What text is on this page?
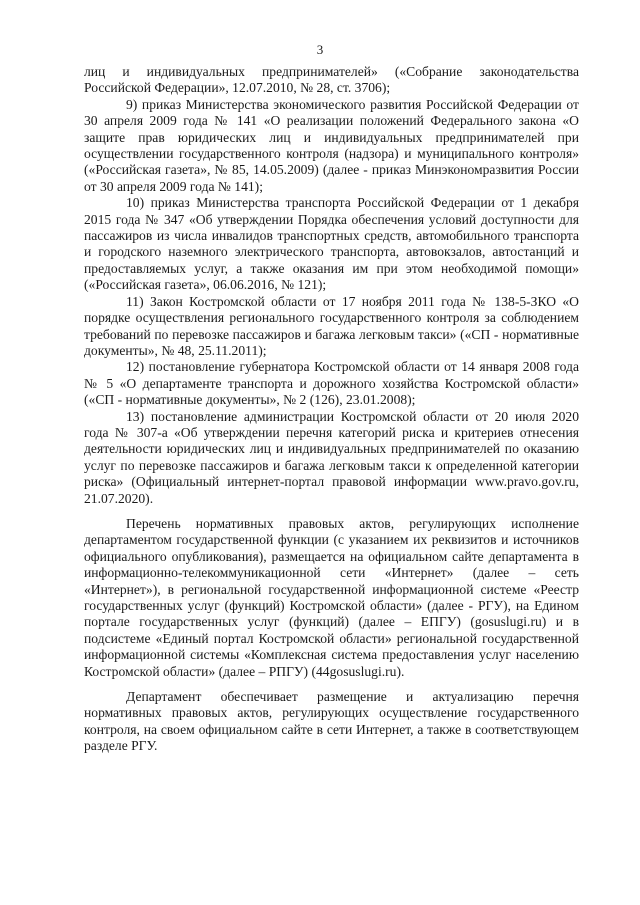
3

лиц и индивидуальных предпринимателей» («Собрание законодательства Российской Федерации», 12.07.2010, № 28, ст. 3706);

9) приказ Министерства экономического развития Российской Федерации от 30 апреля 2009 года № 141 «О реализации положений Федерального закона «О защите прав юридических лиц и индивидуальных предпринимателей при осуществлении государственного контроля (надзора) и муниципального контроля» («Российская газета», № 85, 14.05.2009) (далее - приказ Минэкономразвития России от 30 апреля 2009 года № 141);

10) приказ Министерства транспорта Российской Федерации от 1 декабря 2015 года № 347 «Об утверждении Порядка обеспечения условий доступности для пассажиров из числа инвалидов транспортных средств, автомобильного транспорта и городского наземного электрического транспорта, автовокзалов, автостанций и предоставляемых услуг, а также оказания им при этом необходимой помощи» («Российская газета», 06.06.2016, № 121);

11) Закон Костромской области от 17 ноября 2011 года № 138-5-ЗКО «О порядке осуществления регионального государственного контроля за соблюдением требований по перевозке пассажиров и багажа легковым такси» («СП - нормативные документы», № 48, 25.11.2011);

12) постановление губернатора Костромской области от 14 января 2008 года № 5 «О департаменте транспорта и дорожного хозяйства Костромской области» («СП - нормативные документы», № 2 (126), 23.01.2008);

13) постановление администрации Костромской области от 20 июля 2020 года № 307-а «Об утверждении перечня категорий риска и критериев отнесения деятельности юридических лиц и индивидуальных предпринимателей по оказанию услуг по перевозке пассажиров и багажа легковым такси к определенной категории риска» (Официальный интернет-портал правовой информации www.pravo.gov.ru, 21.07.2020).

Перечень нормативных правовых актов, регулирующих исполнение департаментом государственной функции (с указанием их реквизитов и источников официального опубликования), размещается на официальном сайте департамента в информационно-телекоммуникационной сети «Интернет» (далее – сеть «Интернет»), в региональной государственной информационной системе «Реестр государственных услуг (функций) Костромской области» (далее - РГУ), на Едином портале государственных услуг (функций) (далее – ЕПГУ) (gosuslugi.ru) и в подсистеме «Единый портал Костромской области» региональной государственной информационной системы «Комплексная система предоставления услуг населению Костромской области» (далее – РПГУ) (44gosuslugi.ru).

Департамент обеспечивает размещение и актуализацию перечня нормативных правовых актов, регулирующих осуществление государственного контроля, на своем официальном сайте в сети Интернет, а также в соответствующем разделе РГУ.
